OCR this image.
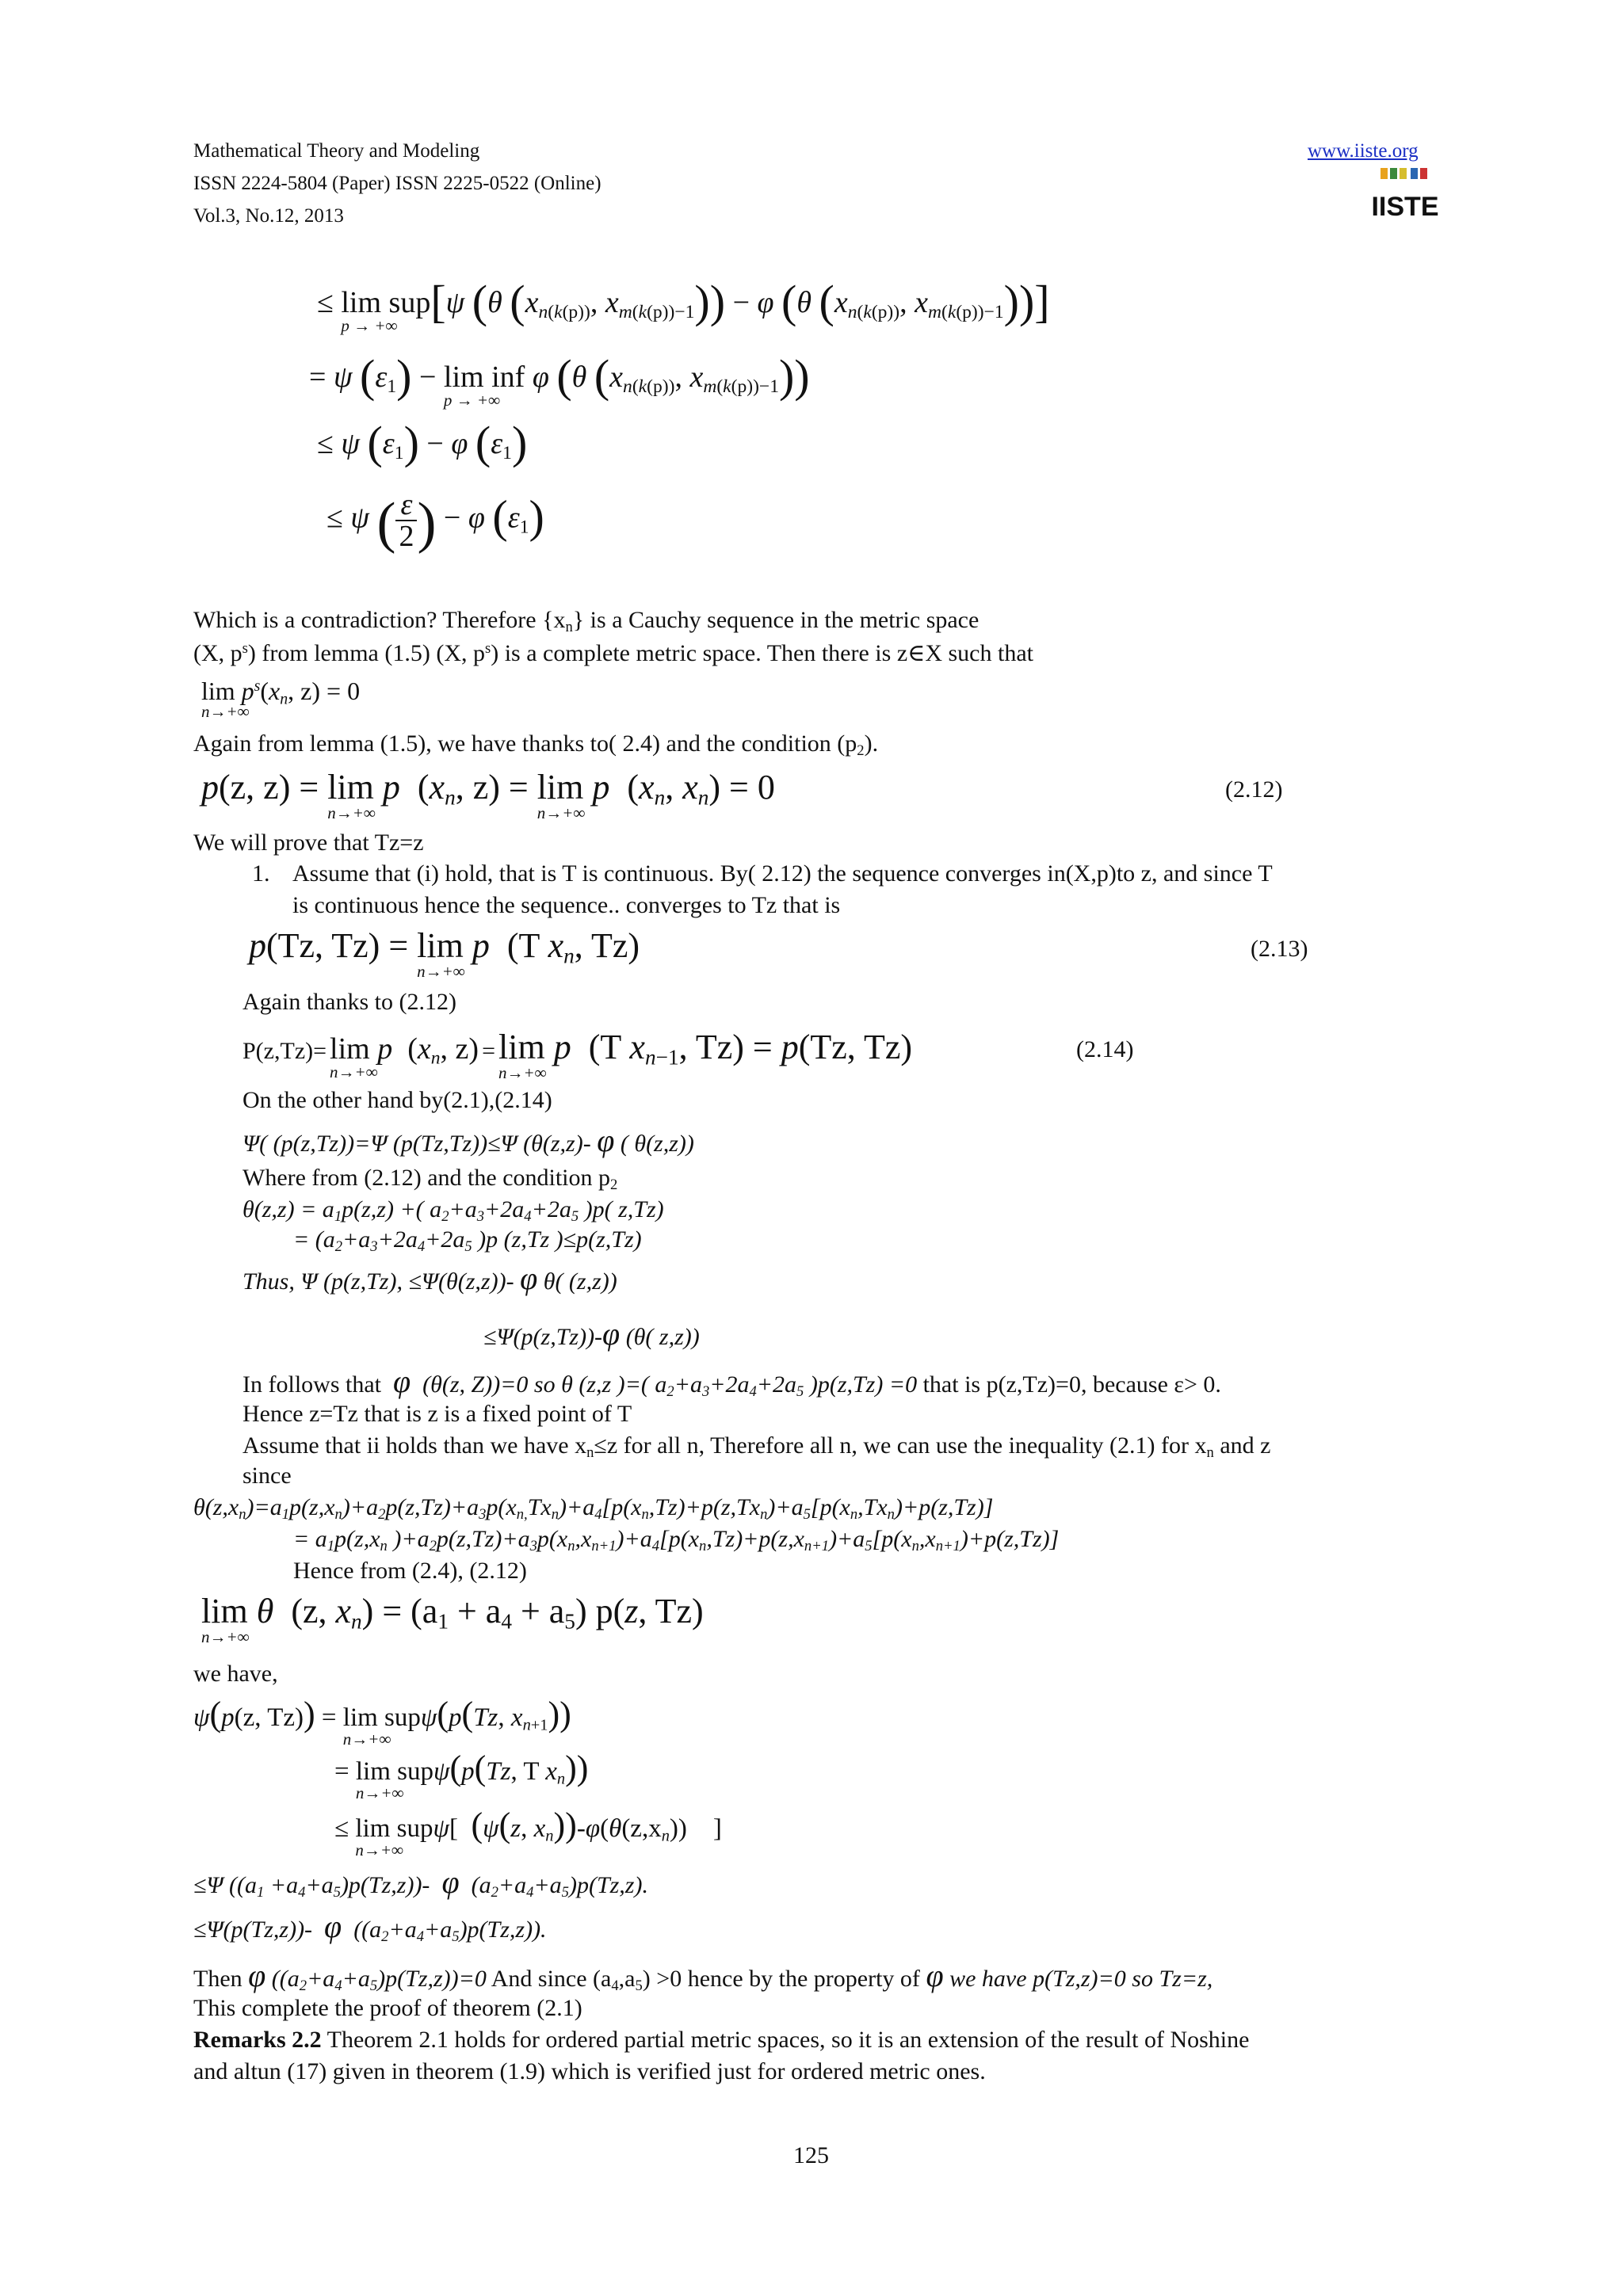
Mathematical Theory and Modeling
ISSN 2224-5804 (Paper) ISSN 2225-0522 (Online)
Vol.3, No.12, 2013
www.iiste.org
IISTE
≤ lim
p → +∞
sup[ψ (θ ($x_{n(k(p))}$, $x_{m(k(p))-1})) - \varphi$ (θ ($x_{n(k(p))}$, $x_{m(k(p))-1}$))]
= ψ $(\varepsilon_1) - \lim$
p → +∞
inf φ (θ ($x_{n(k(p))}$, $x_{m(k(p))-1}$))
≤ ψ $(\varepsilon_1) - \varphi$ $(\varepsilon_1)$
≤ ψ ( $\frac{\varepsilon}{2}$ ) − φ $(\varepsilon_1)$
Which is a contradiction? Therefore $\{x_n\}$ is a Cauchy sequence in the metric space
(X, $p^s$) from lemma (1.5) (X, $p^s$) is a complete metric space. Then there is z∈X such that
lim
n→+∞
$p^s(x_n$, z) = 0
Again from lemma (1.5), we have thanks to( 2.4) and the condition $(p_2)$.
p(z, z) = lim
n→+∞
p  ($x_n$, z) = lim
n→+∞
p  ($x_n$, $x_n) = 0$	(2.12)
We will prove that Tz=z
1. Assume that (i) hold, that is T is continuous. By( 2.12) the sequence converges in(X,p)to z, and since T
is continuous hence the sequence.. converges to Tz that is
p(Tz, Tz) = lim
n→+∞
p  (T $x_n$, Tz)	(2.13)
Again thanks to (2.12)
P(z,Tz)= lim
n→+∞
p  ($x_n$, z) = lim
n→+∞
p  (T $x_{n-1}$, Tz) = p(Tz, Tz)	(2.14)
On the other hand by(2.1),(2.14)
Ψ( (p(z,Tz))=Ψ (p(Tz,Tz))≤Ψ (θ(z,z)- φ ( θ(z,z))
Where from (2.12) and the condition $p_2$
$\theta(z,z) = a_1p(z,z)$ +( $a_2+a_3+2a_4+2a_5$ )p( z,Tz)
= ($a_2+a_3+2a_4+2a_5$ )p (z,Tz )≤p(z,Tz)
Thus, Ψ (p(z,Tz), ≤Ψ(θ(z,z))- φ θ( (z,z))
≤Ψ(p(z,Tz))-φ (θ( z,z))
In follows that φ (θ(z, Z))=0 so θ (z,z )=( $a_2+a_3+2a_4+2a_5$ )p(z,Tz) =0 that is p(z,Tz)=0, because ε> 0.
Hence z=Tz that is z is a fixed point of T
Assume that ii holds than we have $x_n\le z$ for all n, Therefore all n, we can use the inequality (2.1) for $x_n$ and z
since
$\theta(z,x_n)=a_1p(z,x_n)+a_2p(z,Tz)+a_3p(x_{n,}Tx_n)+a_4[p(x_n,Tz)+p(z,Tx_n)+a_5[p(x_n,Tx_n)+p(z,Tz)]$
= $a_1p(z,x_n$ )$+a_2p(z,Tz)+a_3p(x_n,x_{n+1})+a_4[p(x_n,Tz)+p(z,x_{n+1})+a_5[p(x_n,x_{n+1})+p(z,Tz)]$
Hence from (2.4), (2.12)
lim
n→+∞
θ  (z, $x_n) = (a_1 + a_4 + a_5)$ p(z, Tz)
we have,
ψ(p(z, Tz)) = lim
n→+∞
supψ(p(Tz, $x_{n+1}$))
= lim
n→+∞
supψ(p(Tz, T $x_n$))
≤ lim
n→+∞
supψ[  (ψ(z, $x_n))-\varphi(\theta(z,x_n))$    ]
≤Ψ $((a_1 +a_4+a_5)p(Tz,z))-$  φ  $(a_2+a_4+a_5)p(Tz,z)$.
≤Ψ(p(Tz,z))- φ  $((a_2+a_4+a_5)p(Tz,z))$.
Then φ $((a_2+a_4+a_5)p(Tz,z))=0$ And since $(a_4,a_5) >0$ hence by the property of φ we have p(Tz,z)=0 so Tz=z,
This complete the proof of theorem (2.1)
Remarks 2.2 Theorem 2.1 holds for ordered partial metric spaces, so it is an extension of the result of Noshine
and altun (17) given in theorem (1.9) which is verified just for ordered metric ones.
125
